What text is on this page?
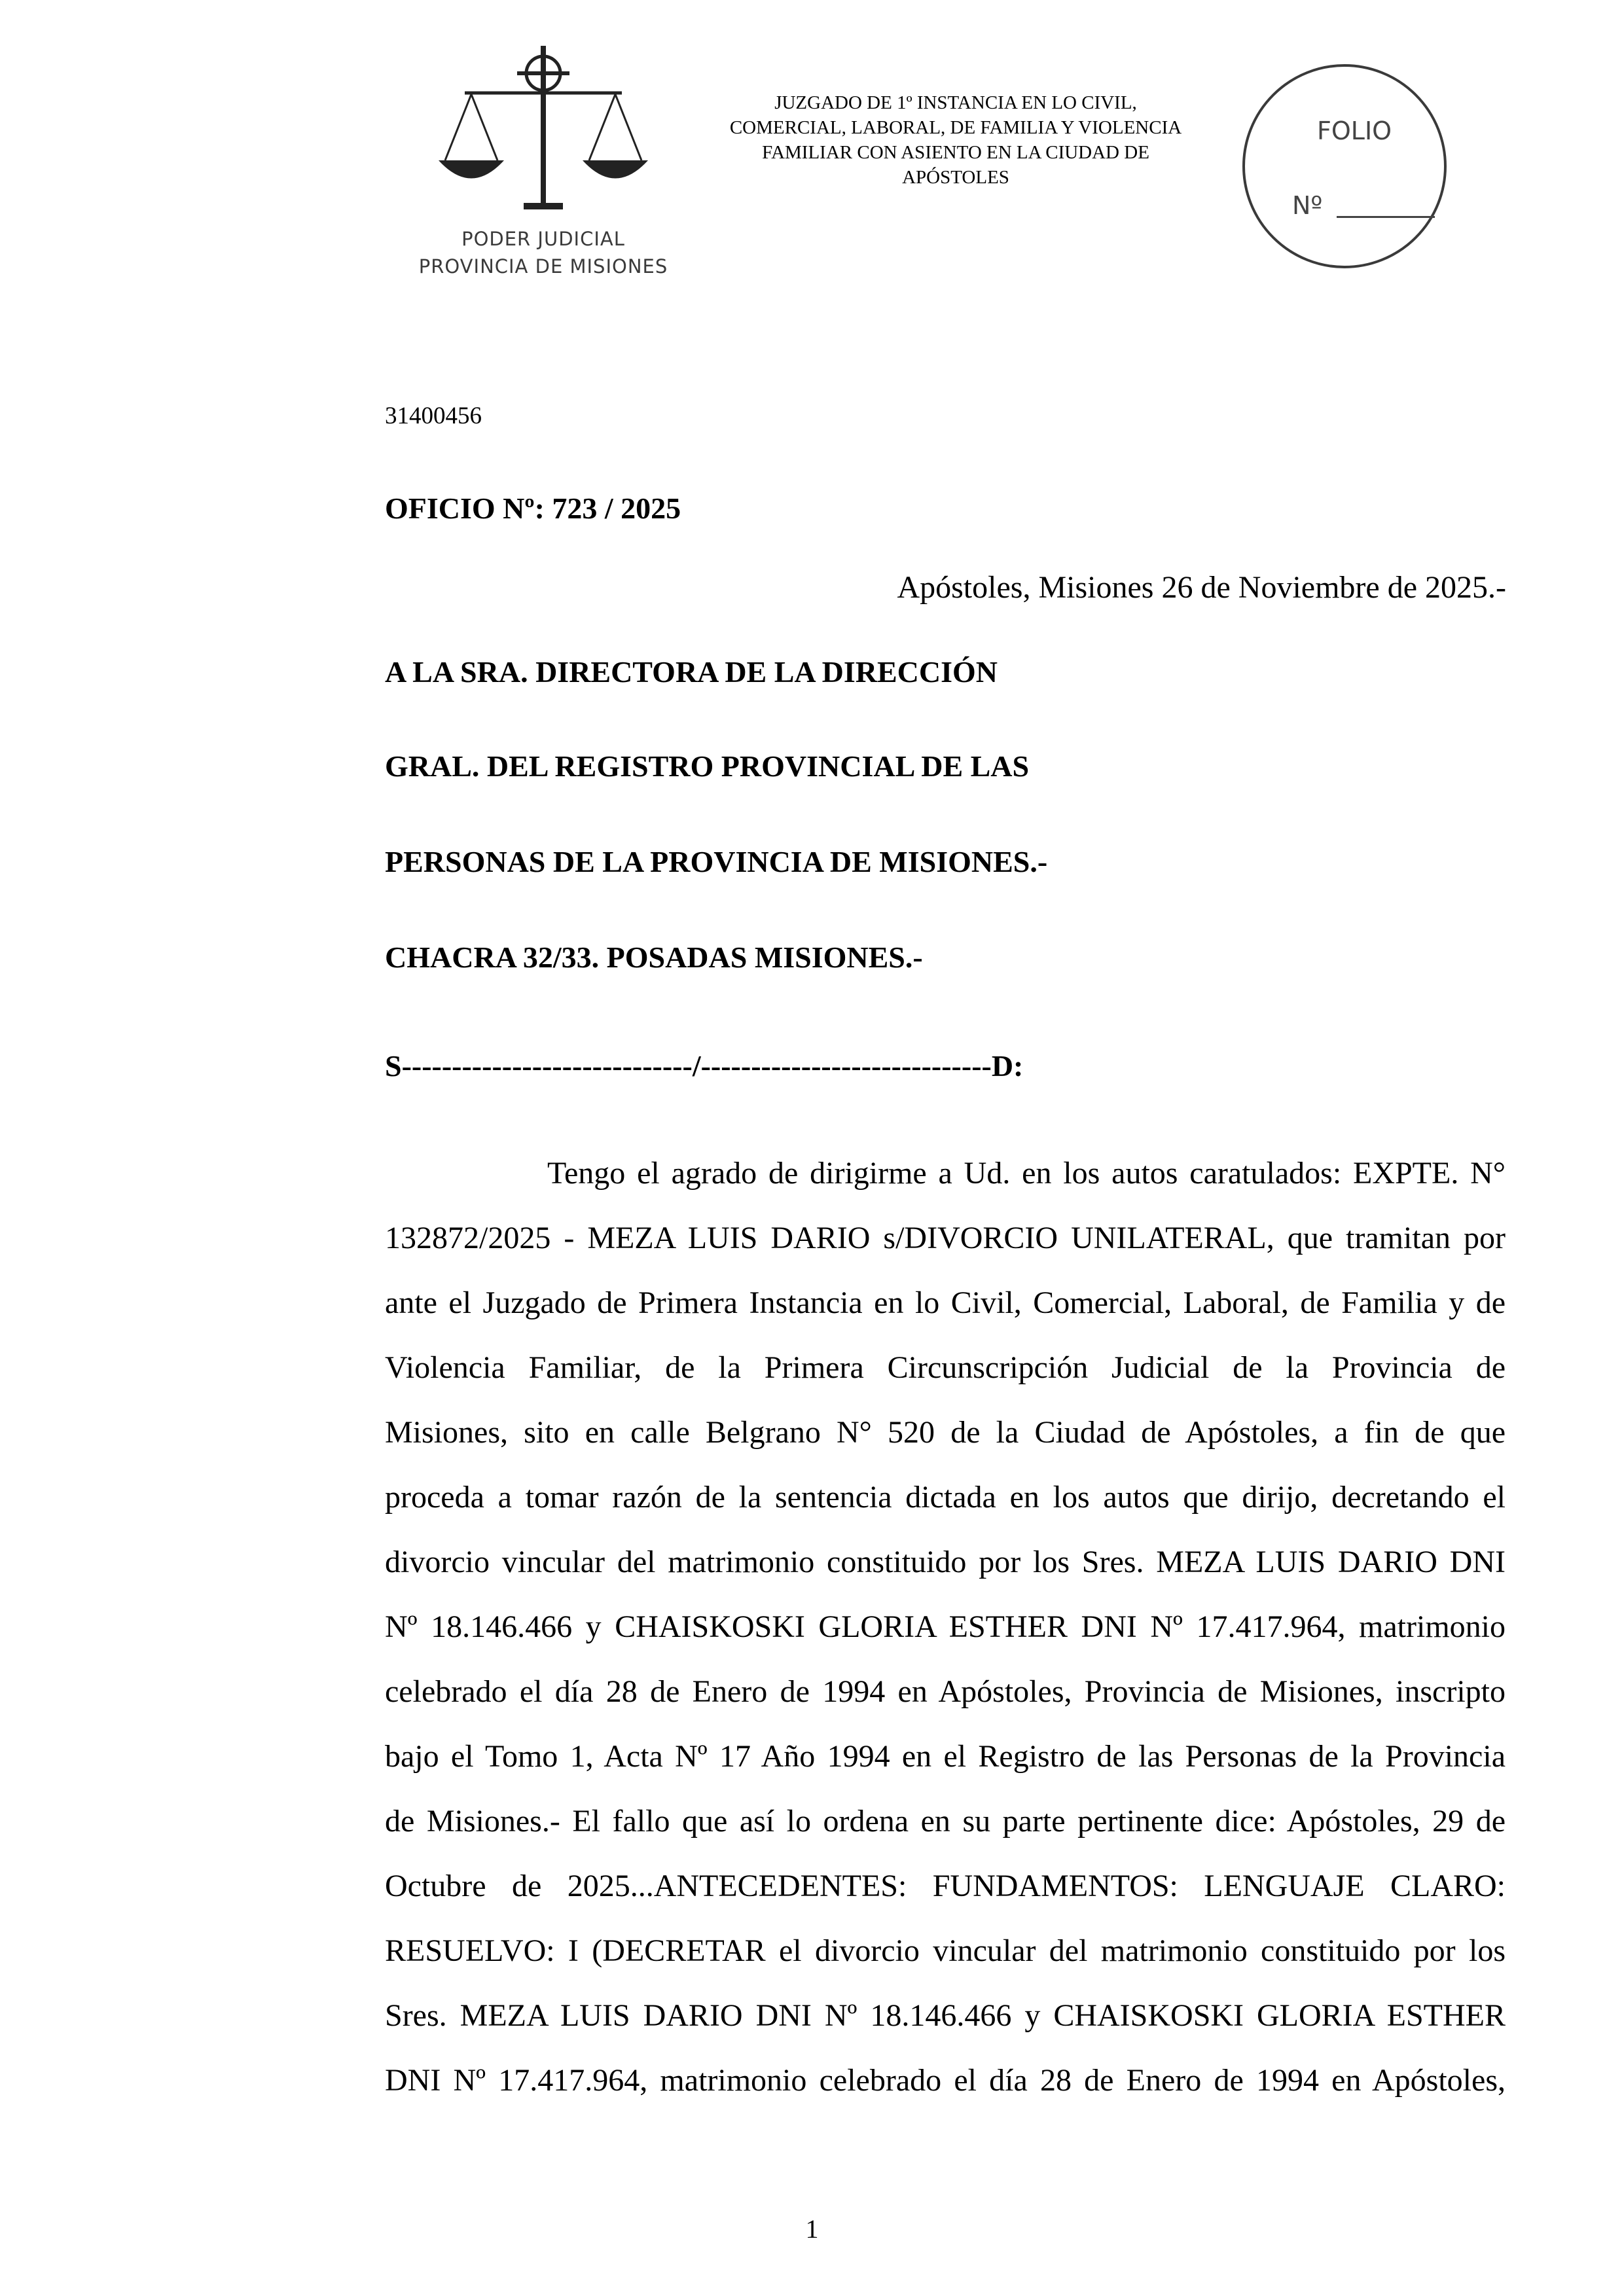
PODER JUDICIAL
PROVINCIA DE MISIONES
JUZGADO DE 1º INSTANCIA EN LO CIVIL,
COMERCIAL, LABORAL, DE FAMILIA Y VIOLENCIA
FAMILIAR CON ASIENTO EN LA CIUDAD DE
APÓSTOLES
FOLIO
Nº
31400456
OFICIO Nº: 723 / 2025
Apóstoles, Misiones 26 de Noviembre de 2025.-
A LA SRA. DIRECTORA DE LA DIRECCIÓN
GRAL. DEL REGISTRO PROVINCIAL DE LAS
PERSONAS DE LA PROVINCIA DE MISIONES.-
CHACRA 32/33. POSADAS MISIONES.-
S-----------------------------/-----------------------------D:
Tengo el agrado de dirigirme a Ud. en los autos caratulados: EXPTE. N°
132872/2025 - MEZA LUIS DARIO s/DIVORCIO UNILATERAL, que tramitan por
ante el Juzgado de Primera Instancia en lo Civil, Comercial, Laboral, de Familia y de
Violencia Familiar, de la Primera Circunscripción Judicial de la Provincia de
Misiones, sito en calle Belgrano N° 520 de la Ciudad de Apóstoles, a fin de que
proceda a tomar razón de la sentencia dictada en los autos que dirijo, decretando el
divorcio vincular del matrimonio constituido por los Sres. MEZA LUIS DARIO DNI
Nº 18.146.466 y CHAISKOSKI GLORIA ESTHER DNI Nº 17.417.964, matrimonio
celebrado el día 28 de Enero de 1994 en Apóstoles, Provincia de Misiones, inscripto
bajo el Tomo 1, Acta Nº 17 Año 1994 en el Registro de las Personas de la Provincia
de Misiones.- El fallo que así lo ordena en su parte pertinente dice: Apóstoles, 29 de
Octubre de 2025...ANTECEDENTES: FUNDAMENTOS: LENGUAJE CLARO:
RESUELVO: I (DECRETAR el divorcio vincular del matrimonio constituido por los
Sres. MEZA LUIS DARIO DNI Nº 18.146.466 y CHAISKOSKI GLORIA ESTHER
DNI Nº 17.417.964, matrimonio celebrado el día 28 de Enero de 1994 en Apóstoles,
1
